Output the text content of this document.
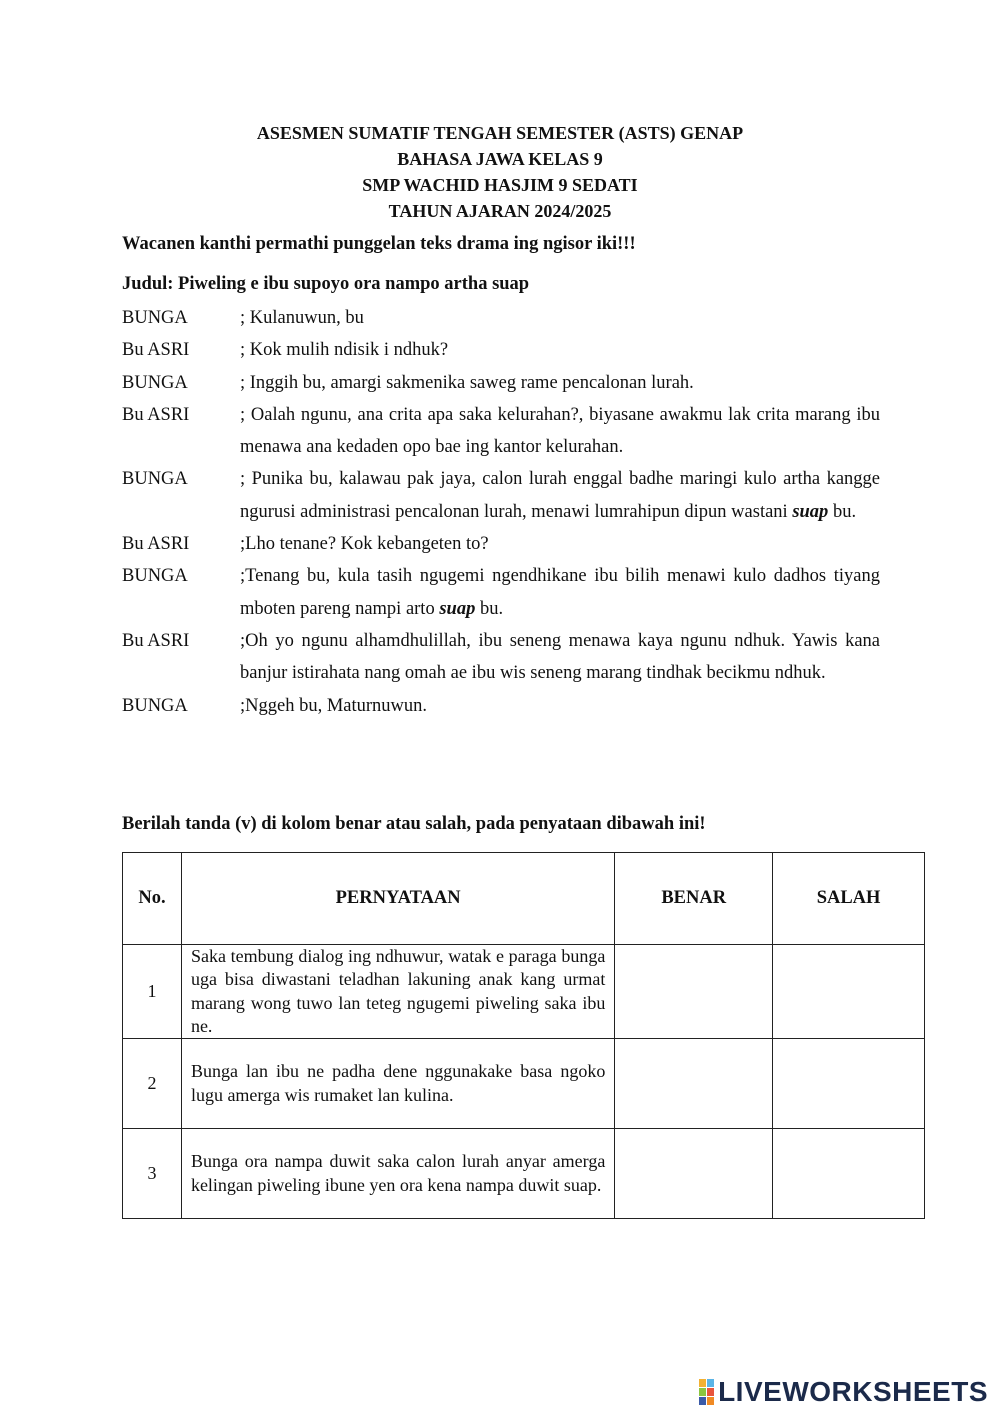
ASESMEN SUMATIF TENGAH SEMESTER (ASTS) GENAP
BAHASA JAWA KELAS 9
SMP WACHID HASJIM 9 SEDATI
TAHUN AJARAN 2024/2025
Wacanen kanthi permathi punggelan teks drama ing ngisor iki!!!
Judul: Piweling e ibu supoyo ora nampo artha suap
BUNGA	; Kulanuwun, bu
Bu ASRI	; Kok mulih ndisik i ndhuk?
BUNGA	; Inggih bu, amargi sakmenika saweg rame pencalonan lurah.
Bu ASRI	; Oalah ngunu, ana crita apa saka kelurahan?, biyasane awakmu lak crita marang ibu menawa ana kedaden opo bae ing kantor kelurahan.
BUNGA	; Punika bu, kalawau pak jaya, calon lurah enggal badhe maringi kulo artha kangge ngurusi administrasi pencalonan lurah, menawi lumrahipun dipun wastani suap bu.
Bu ASRI	;Lho tenane? Kok kebangeten to?
BUNGA	;Tenang bu, kula tasih ngugemi ngendhikane ibu bilih menawi kulo dadhos tiyang mboten pareng nampi arto suap bu.
Bu ASRI	;Oh yo ngunu alhamdhulillah, ibu seneng menawa kaya ngunu ndhuk. Yawis kana banjur istirahata nang omah ae ibu wis seneng marang tindhak becikmu ndhuk.
BUNGA	;Nggeh bu, Maturnuwun.
Berilah tanda (v) di kolom benar atau salah, pada penyataan dibawah ini!
No.	PERNYATAAN	BENAR	SALAH
1	Saka tembung dialog ing ndhuwur, watak e paraga bunga uga bisa diwastani teladhan lakuning anak kang urmat marang wong tuwo lan teteg ngugemi piweling saka ibu ne.		
2	Bunga lan ibu ne padha dene nggunakake basa ngoko lugu amerga wis rumaket lan kulina.		
3	Bunga ora nampa duwit saka calon lurah anyar amerga kelingan piweling ibune yen ora kena nampa duwit suap.		
LIVEWORKSHEETS
